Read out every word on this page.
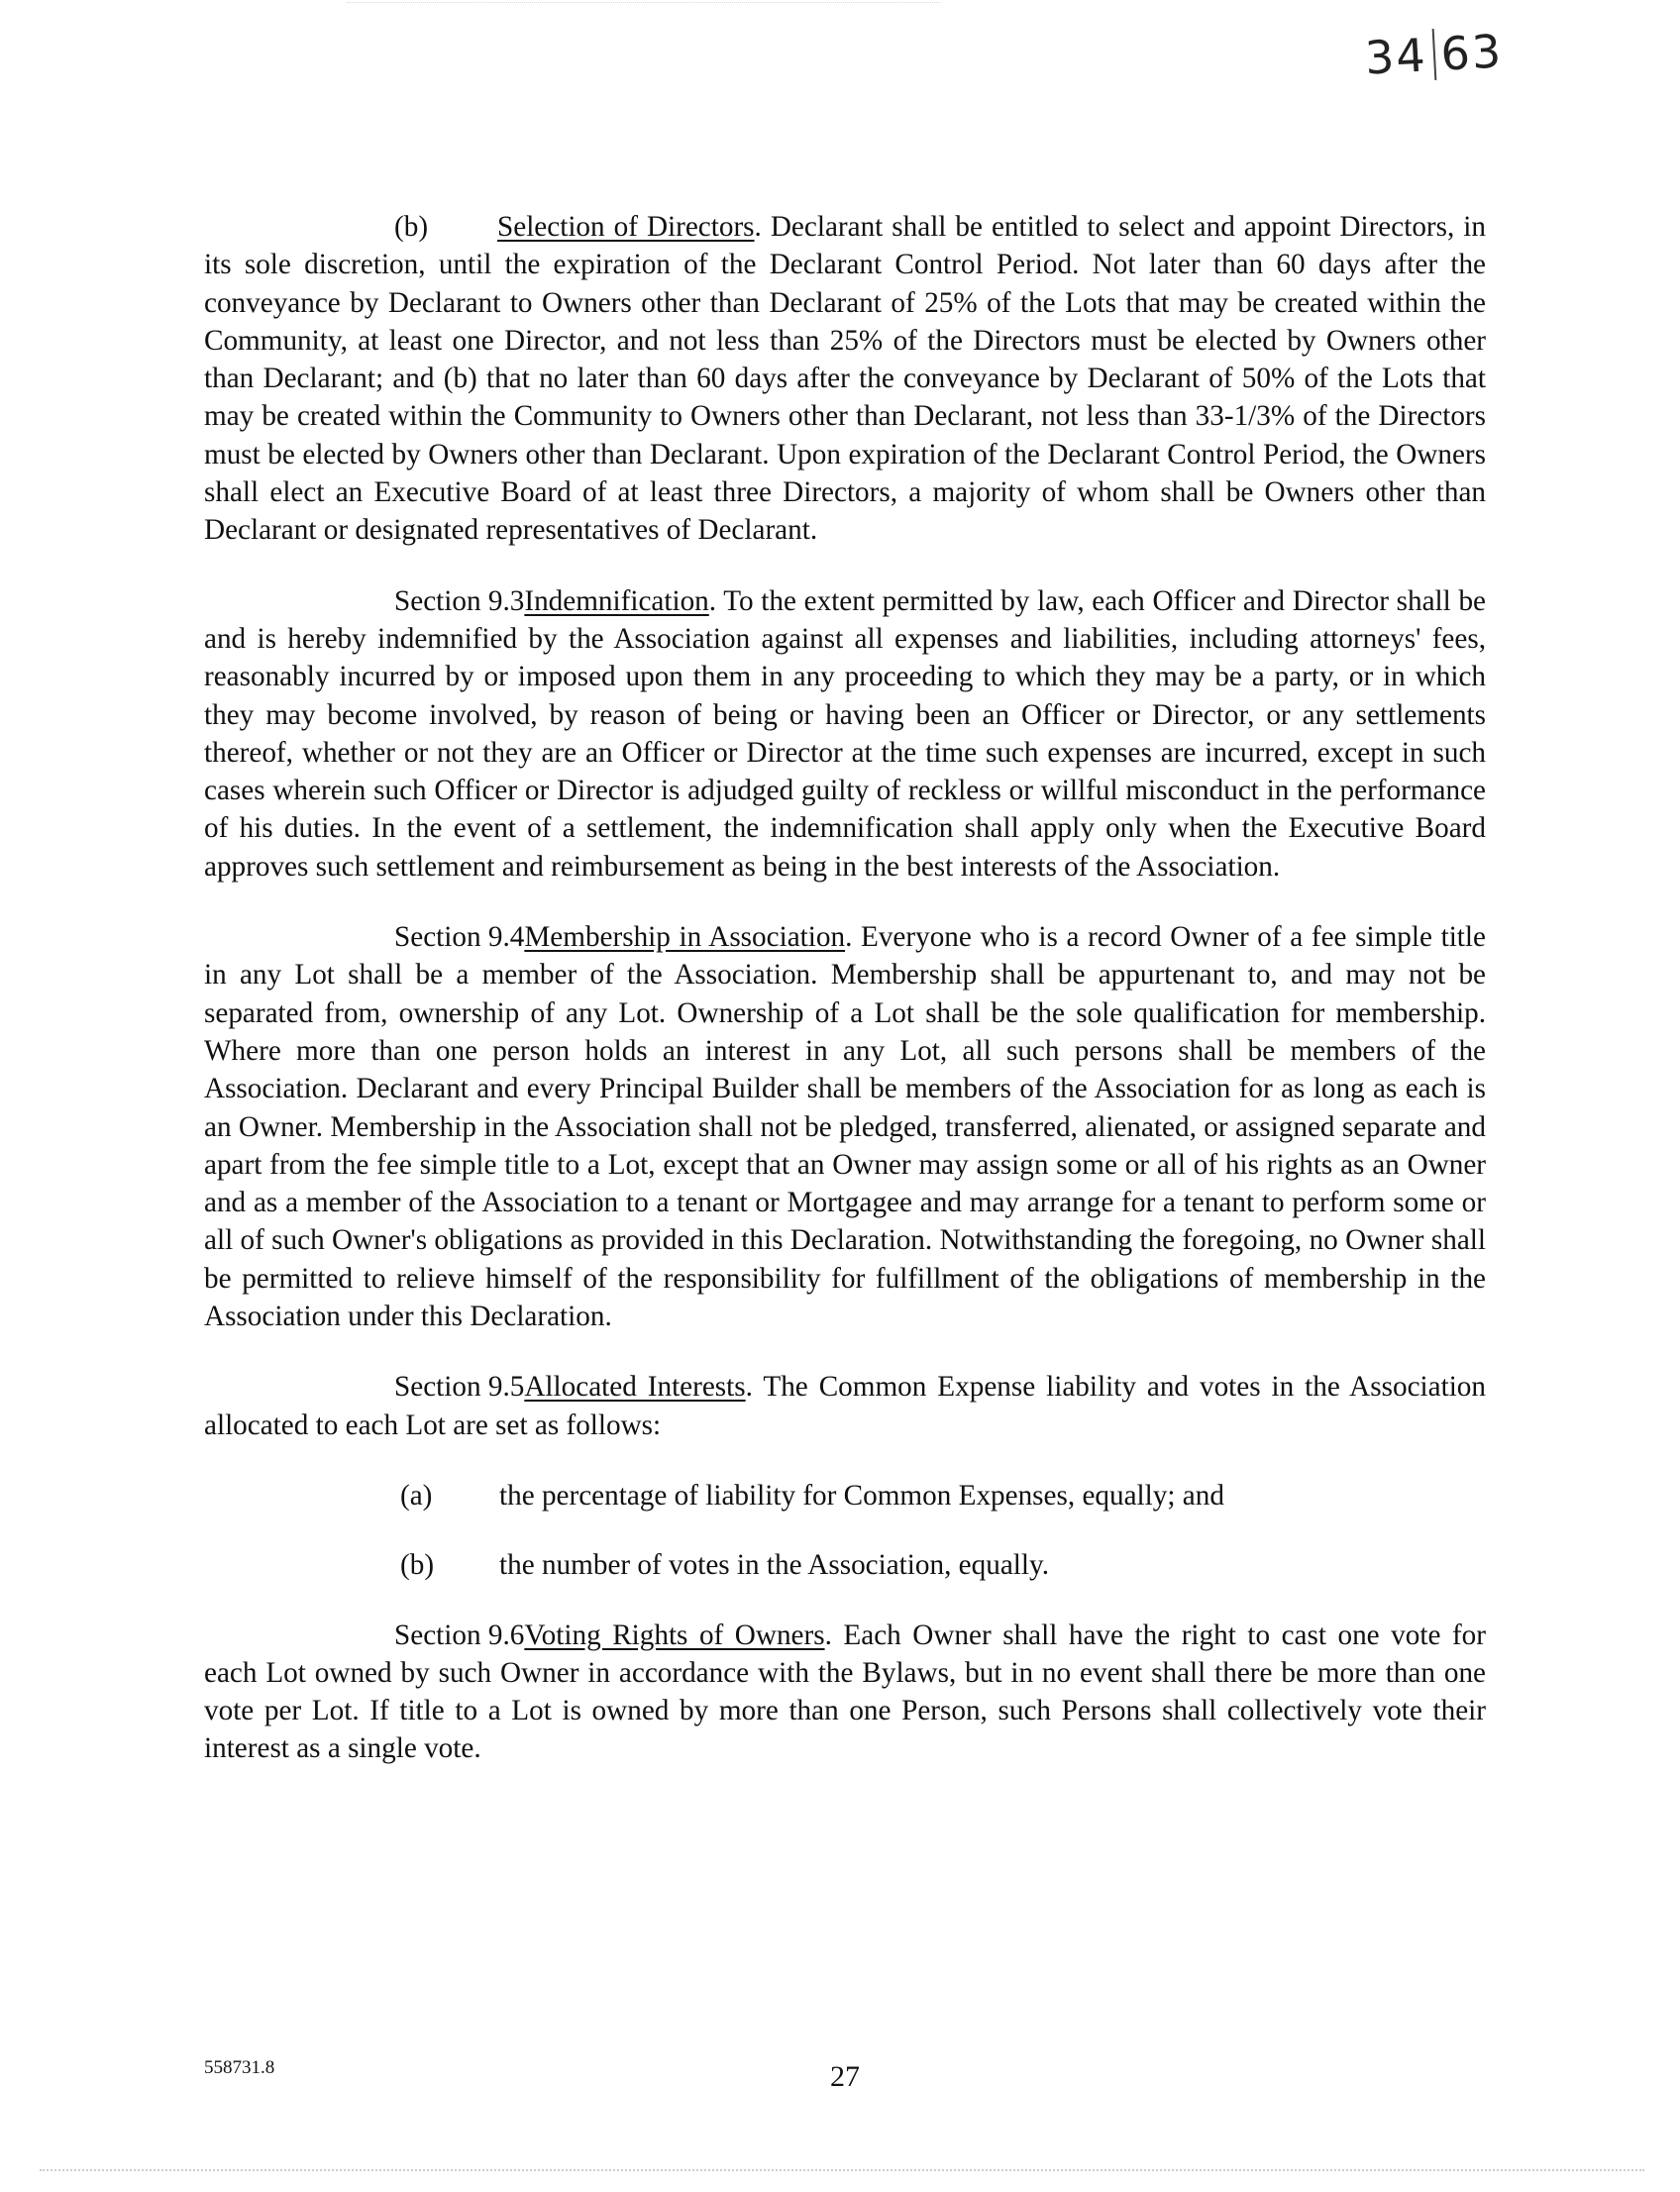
34 63

(b) Selection of Directors. Declarant shall be entitled to select and appoint Directors, in its sole discretion, until the expiration of the Declarant Control Period. Not later than 60 days after the conveyance by Declarant to Owners other than Declarant of 25% of the Lots that may be created within the Community, at least one Director, and not less than 25% of the Directors must be elected by Owners other than Declarant; and (b) that no later than 60 days after the conveyance by Declarant of 50% of the Lots that may be created within the Community to Owners other than Declarant, not less than 33-1/3% of the Directors must be elected by Owners other than Declarant. Upon expiration of the Declarant Control Period, the Owners shall elect an Executive Board of at least three Directors, a majority of whom shall be Owners other than Declarant or designated representatives of Declarant.

Section 9.3Indemnification. To the extent permitted by law, each Officer and Director shall be and is hereby indemnified by the Association against all expenses and liabilities, including attorneys' fees, reasonably incurred by or imposed upon them in any proceeding to which they may be a party, or in which they may become involved, by reason of being or having been an Officer or Director, or any settlements thereof, whether or not they are an Officer or Director at the time such expenses are incurred, except in such cases wherein such Officer or Director is adjudged guilty of reckless or willful misconduct in the performance of his duties. In the event of a settlement, the indemnification shall apply only when the Executive Board approves such settlement and reimbursement as being in the best interests of the Association.

Section 9.4Membership in Association. Everyone who is a record Owner of a fee simple title in any Lot shall be a member of the Association. Membership shall be appurtenant to, and may not be separated from, ownership of any Lot. Ownership of a Lot shall be the sole qualification for membership. Where more than one person holds an interest in any Lot, all such persons shall be members of the Association. Declarant and every Principal Builder shall be members of the Association for as long as each is an Owner. Membership in the Association shall not be pledged, transferred, alienated, or assigned separate and apart from the fee simple title to a Lot, except that an Owner may assign some or all of his rights as an Owner and as a member of the Association to a tenant or Mortgagee and may arrange for a tenant to perform some or all of such Owner's obligations as provided in this Declaration. Notwithstanding the foregoing, no Owner shall be permitted to relieve himself of the responsibility for fulfillment of the obligations of membership in the Association under this Declaration.

Section 9.5Allocated Interests. The Common Expense liability and votes in the Association allocated to each Lot are set as follows:

(a)	the percentage of liability for Common Expenses, equally; and
(b)	the number of votes in the Association, equally.

Section 9.6Voting Rights of Owners. Each Owner shall have the right to cast one vote for each Lot owned by such Owner in accordance with the Bylaws, but in no event shall there be more than one vote per Lot. If title to a Lot is owned by more than one Person, such Persons shall collectively vote their interest as a single vote.

558731.8	27
